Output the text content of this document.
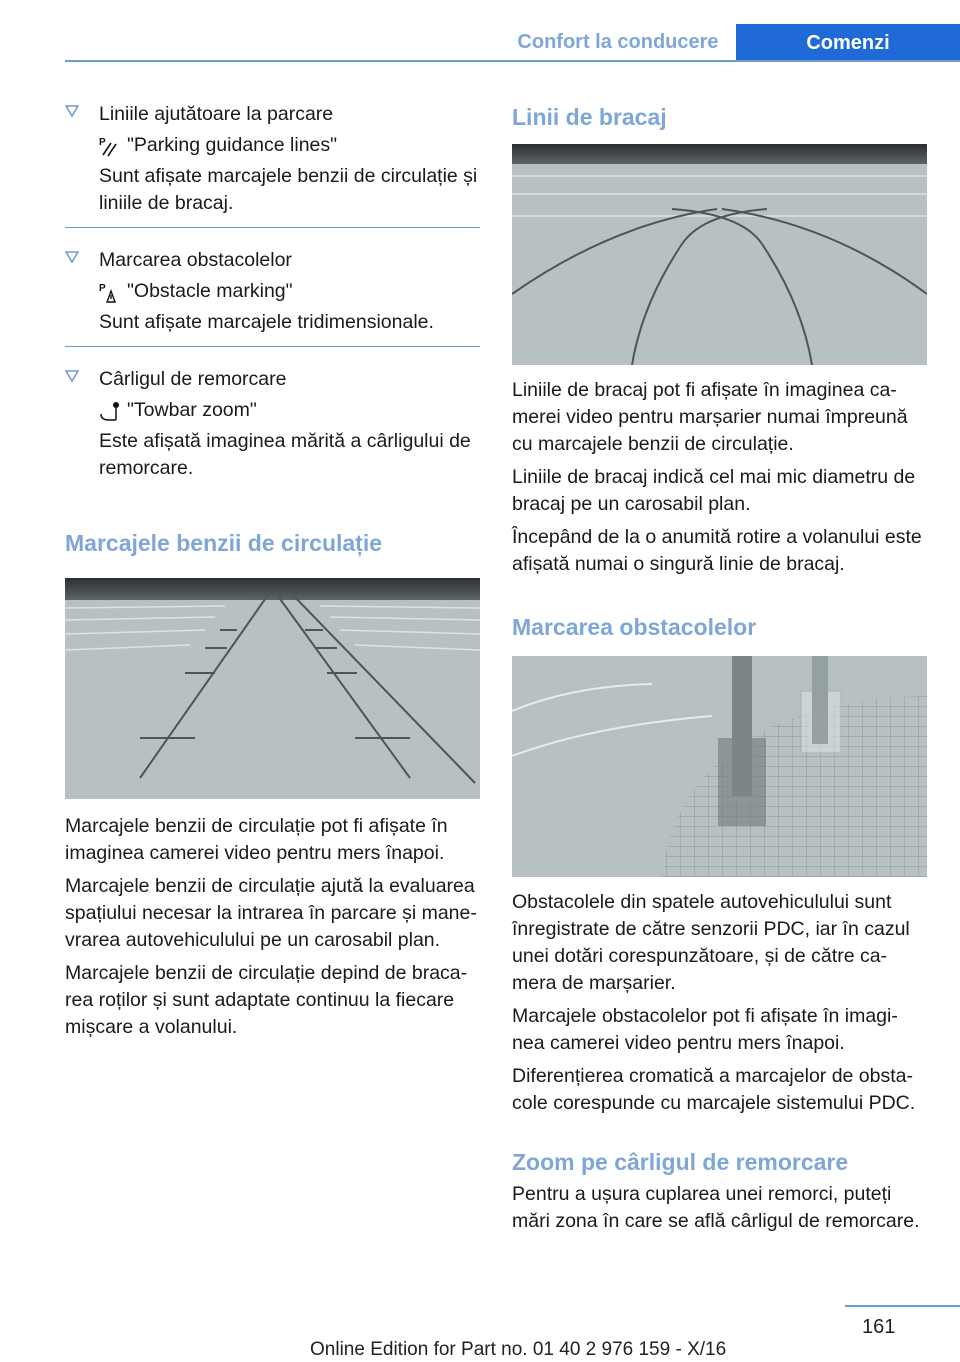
Confort la conducere	Comenzi

Liniile ajutătoare la parcare

P "Parking guidance lines"

Sunt afișate marcajele benzii de circulație și liniile de bracaj.

Marcarea obstacolelor

P "Obstacle marking"

Sunt afișate marcajele tridimensionale.

Cârligul de remorcare

"Towbar zoom"

Este afișată imaginea mărită a cârligului de remorcare.

Marcajele benzii de circulație

Marcajele benzii de circulație pot fi afișate în imaginea camerei video pentru mers înapoi.

Marcajele benzii de circulație ajută la evaluarea spațiului necesar la intrarea în parcare și mane‐ vrarea autovehiculului pe un carosabil plan.

Marcajele benzii de circulație depind de braca‐ rea roților și sunt adaptate continuu la fiecare mișcare a volanului.

Linii de bracaj

Liniile de bracaj pot fi afișate în imaginea ca‐ merei video pentru marșarier numai împreună cu marcajele benzii de circulație.

Liniile de bracaj indică cel mai mic diametru de bracaj pe un carosabil plan.

Începând de la o anumită rotire a volanului este afișată numai o singură linie de bracaj.

Marcarea obstacolelor

Obstacolele din spatele autovehiculului sunt înregistrate de către senzorii PDC, iar în cazul unei dotări corespunzătoare, și de către ca‐ mera de marșarier.

Marcajele obstacolelor pot fi afișate în imagi‐ nea camerei video pentru mers înapoi.

Diferențierea cromatică a marcajelor de obsta‐ cole corespunde cu marcajele sistemului PDC.

Zoom pe cârligul de remorcare

Pentru a ușura cuplarea unei remorci, puteți mări zona în care se află cârligul de remorcare.

161
Online Edition for Part no. 01 40 2 976 159 - X/16
